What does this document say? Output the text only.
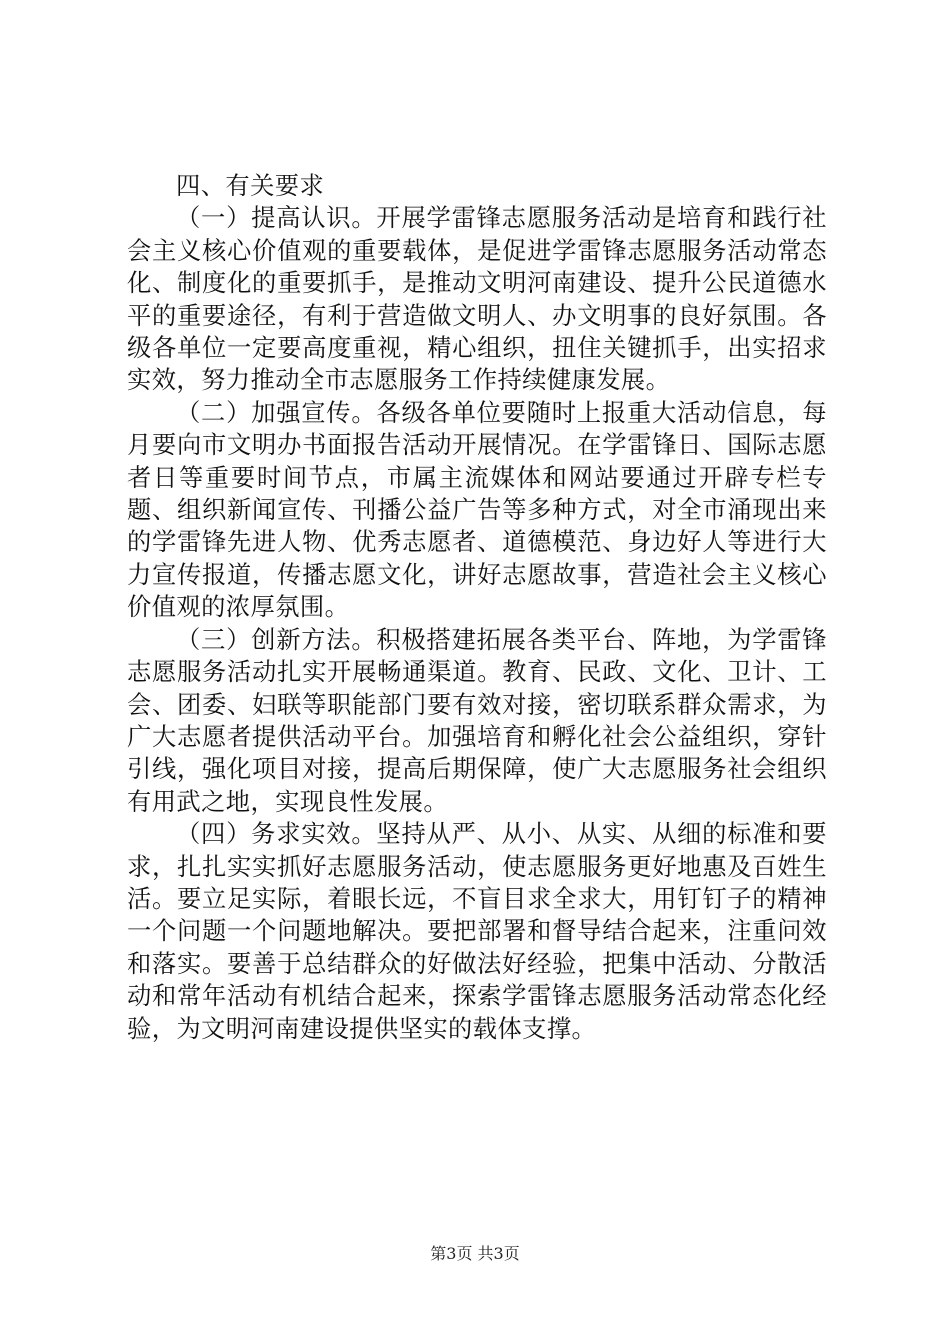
四、有关要求

（一）提高认识。开展学雷锋志愿服务活动是培育和践行社会主义核心价值观的重要载体，是促进学雷锋志愿服务活动常态化、制度化的重要抓手，是推动文明河南建设、提升公民道德水平的重要途径，有利于营造做文明人、办文明事的良好氛围。各级各单位一定要高度重视，精心组织，扭住关键抓手，出实招求实效，努力推动全市志愿服务工作持续健康发展。

（二）加强宣传。各级各单位要随时上报重大活动信息，每月要向市文明办书面报告活动开展情况。在学雷锋日、国际志愿者日等重要时间节点，市属主流媒体和网站要通过开辟专栏专题、组织新闻宣传、刊播公益广告等多种方式，对全市涌现出来的学雷锋先进人物、优秀志愿者、道德模范、身边好人等进行大力宣传报道，传播志愿文化，讲好志愿故事，营造社会主义核心价值观的浓厚氛围。

（三）创新方法。积极搭建拓展各类平台、阵地，为学雷锋志愿服务活动扎实开展畅通渠道。教育、民政、文化、卫计、工会、团委、妇联等职能部门要有效对接，密切联系群众需求，为广大志愿者提供活动平台。加强培育和孵化社会公益组织，穿针引线，强化项目对接，提高后期保障，使广大志愿服务社会组织有用武之地，实现良性发展。

（四）务求实效。坚持从严、从小、从实、从细的标准和要求，扎扎实实抓好志愿服务活动，使志愿服务更好地惠及百姓生活。要立足实际，着眼长远，不盲目求全求大，用钉钉子的精神一个问题一个问题地解决。要把部署和督导结合起来，注重问效和落实。要善于总结群众的好做法好经验，把集中活动、分散活动和常年活动有机结合起来，探索学雷锋志愿服务活动常态化经验，为文明河南建设提供坚实的载体支撑。

第3页 共3页
